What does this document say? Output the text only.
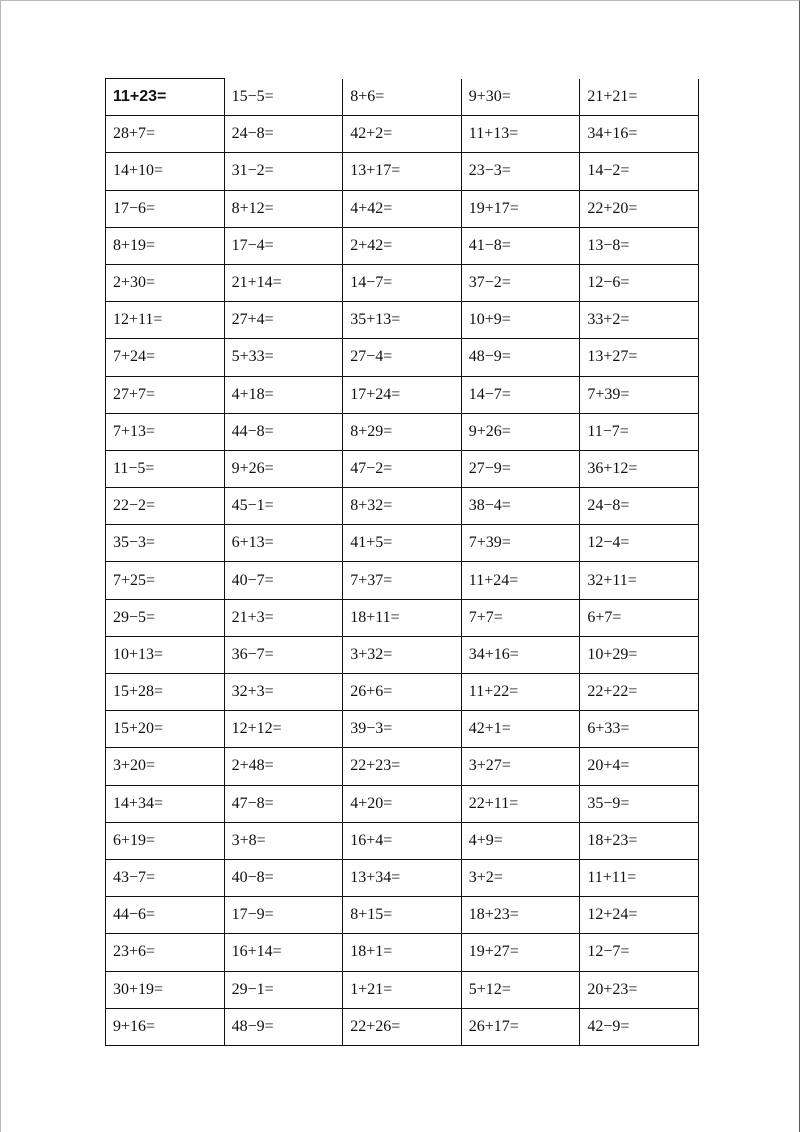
11+23=	15−5=	8+6=	9+30=	21+21=
28+7=	24−8=	42+2=	11+13=	34+16=
14+10=	31−2=	13+17=	23−3=	14−2=
17−6=	8+12=	4+42=	19+17=	22+20=
8+19=	17−4=	2+42=	41−8=	13−8=
2+30=	21+14=	14−7=	37−2=	12−6=
12+11=	27+4=	35+13=	10+9=	33+2=
7+24=	5+33=	27−4=	48−9=	13+27=
27+7=	4+18=	17+24=	14−7=	7+39=
7+13=	44−8=	8+29=	9+26=	11−7=
11−5=	9+26=	47−2=	27−9=	36+12=
22−2=	45−1=	8+32=	38−4=	24−8=
35−3=	6+13=	41+5=	7+39=	12−4=
7+25=	40−7=	7+37=	11+24=	32+11=
29−5=	21+3=	18+11=	7+7=	6+7=
10+13=	36−7=	3+32=	34+16=	10+29=
15+28=	32+3=	26+6=	11+22=	22+22=
15+20=	12+12=	39−3=	42+1=	6+33=
3+20=	2+48=	22+23=	3+27=	20+4=
14+34=	47−8=	4+20=	22+11=	35−9=
6+19=	3+8=	16+4=	4+9=	18+23=
43−7=	40−8=	13+34=	3+2=	11+11=
44−6=	17−9=	8+15=	18+23=	12+24=
23+6=	16+14=	18+1=	19+27=	12−7=
30+19=	29−1=	1+21=	5+12=	20+23=
9+16=	48−9=	22+26=	26+17=	42−9=
